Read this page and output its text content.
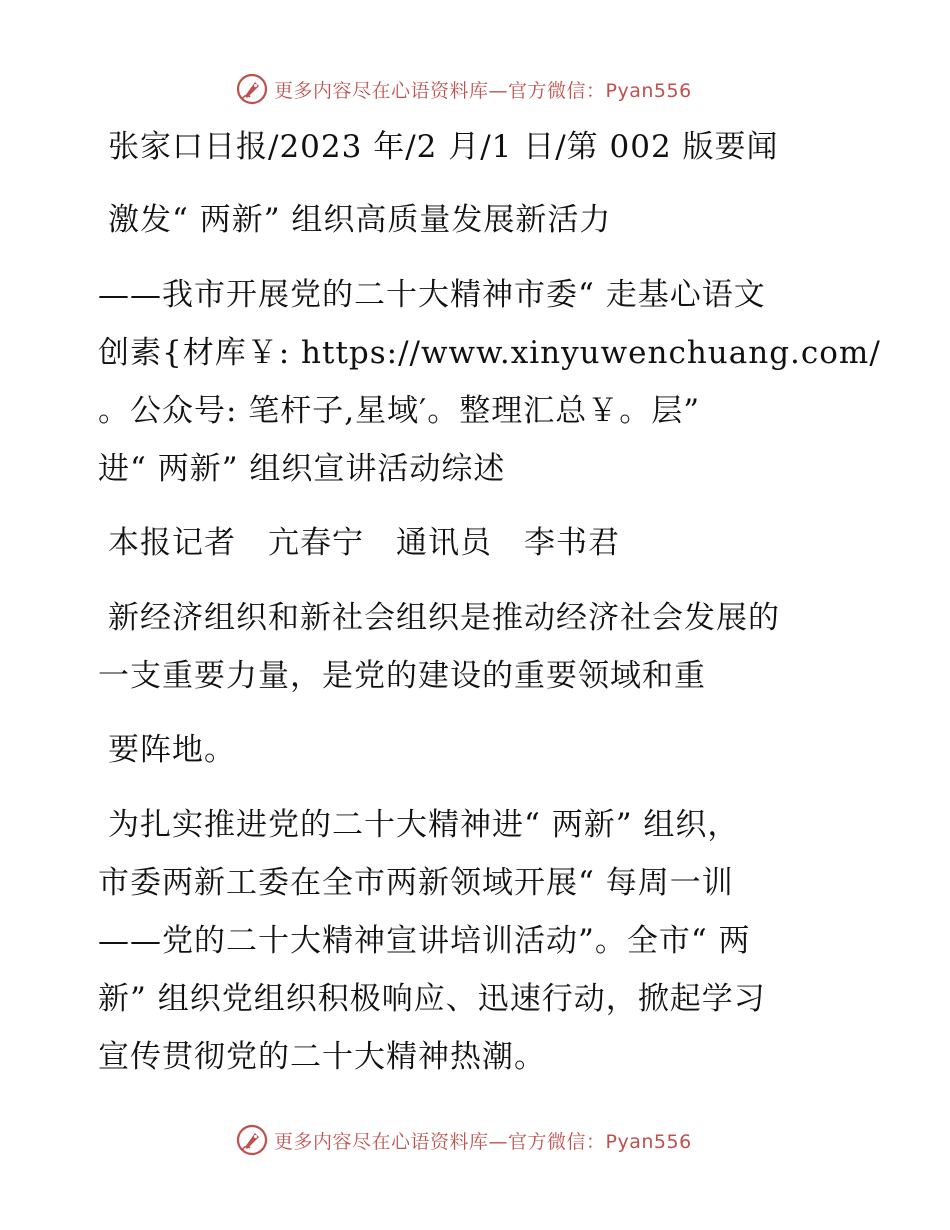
更多内容尽在心语资料库—官方微信：Pyan556
张家口日报/2023 年/2 月/1 日/第 002 版要闻
激发“ 两新” 组织高质量发展新活力
——我市开展党的二十大精神市委“ 走基心语文
创素{材库￥: https://www.xinyuwenchuang.com/
。公众号: 笔杆子,星域′。整理汇总￥。层”
进“ 两新” 组织宣讲活动综述
本报记者　亢春宁　通讯员　李书君
新经济组织和新社会组织是推动经济社会发展的
一支重要力量，是党的建设的重要领域和重
要阵地。
为扎实推进党的二十大精神进“ 两新” 组织，
市委两新工委在全市两新领域开展“ 每周一训
——党的二十大精神宣讲培训活动”。全市“ 两
新” 组织党组织积极响应、迅速行动，掀起学习
宣传贯彻党的二十大精神热潮。
更多内容尽在心语资料库—官方微信：Pyan556
